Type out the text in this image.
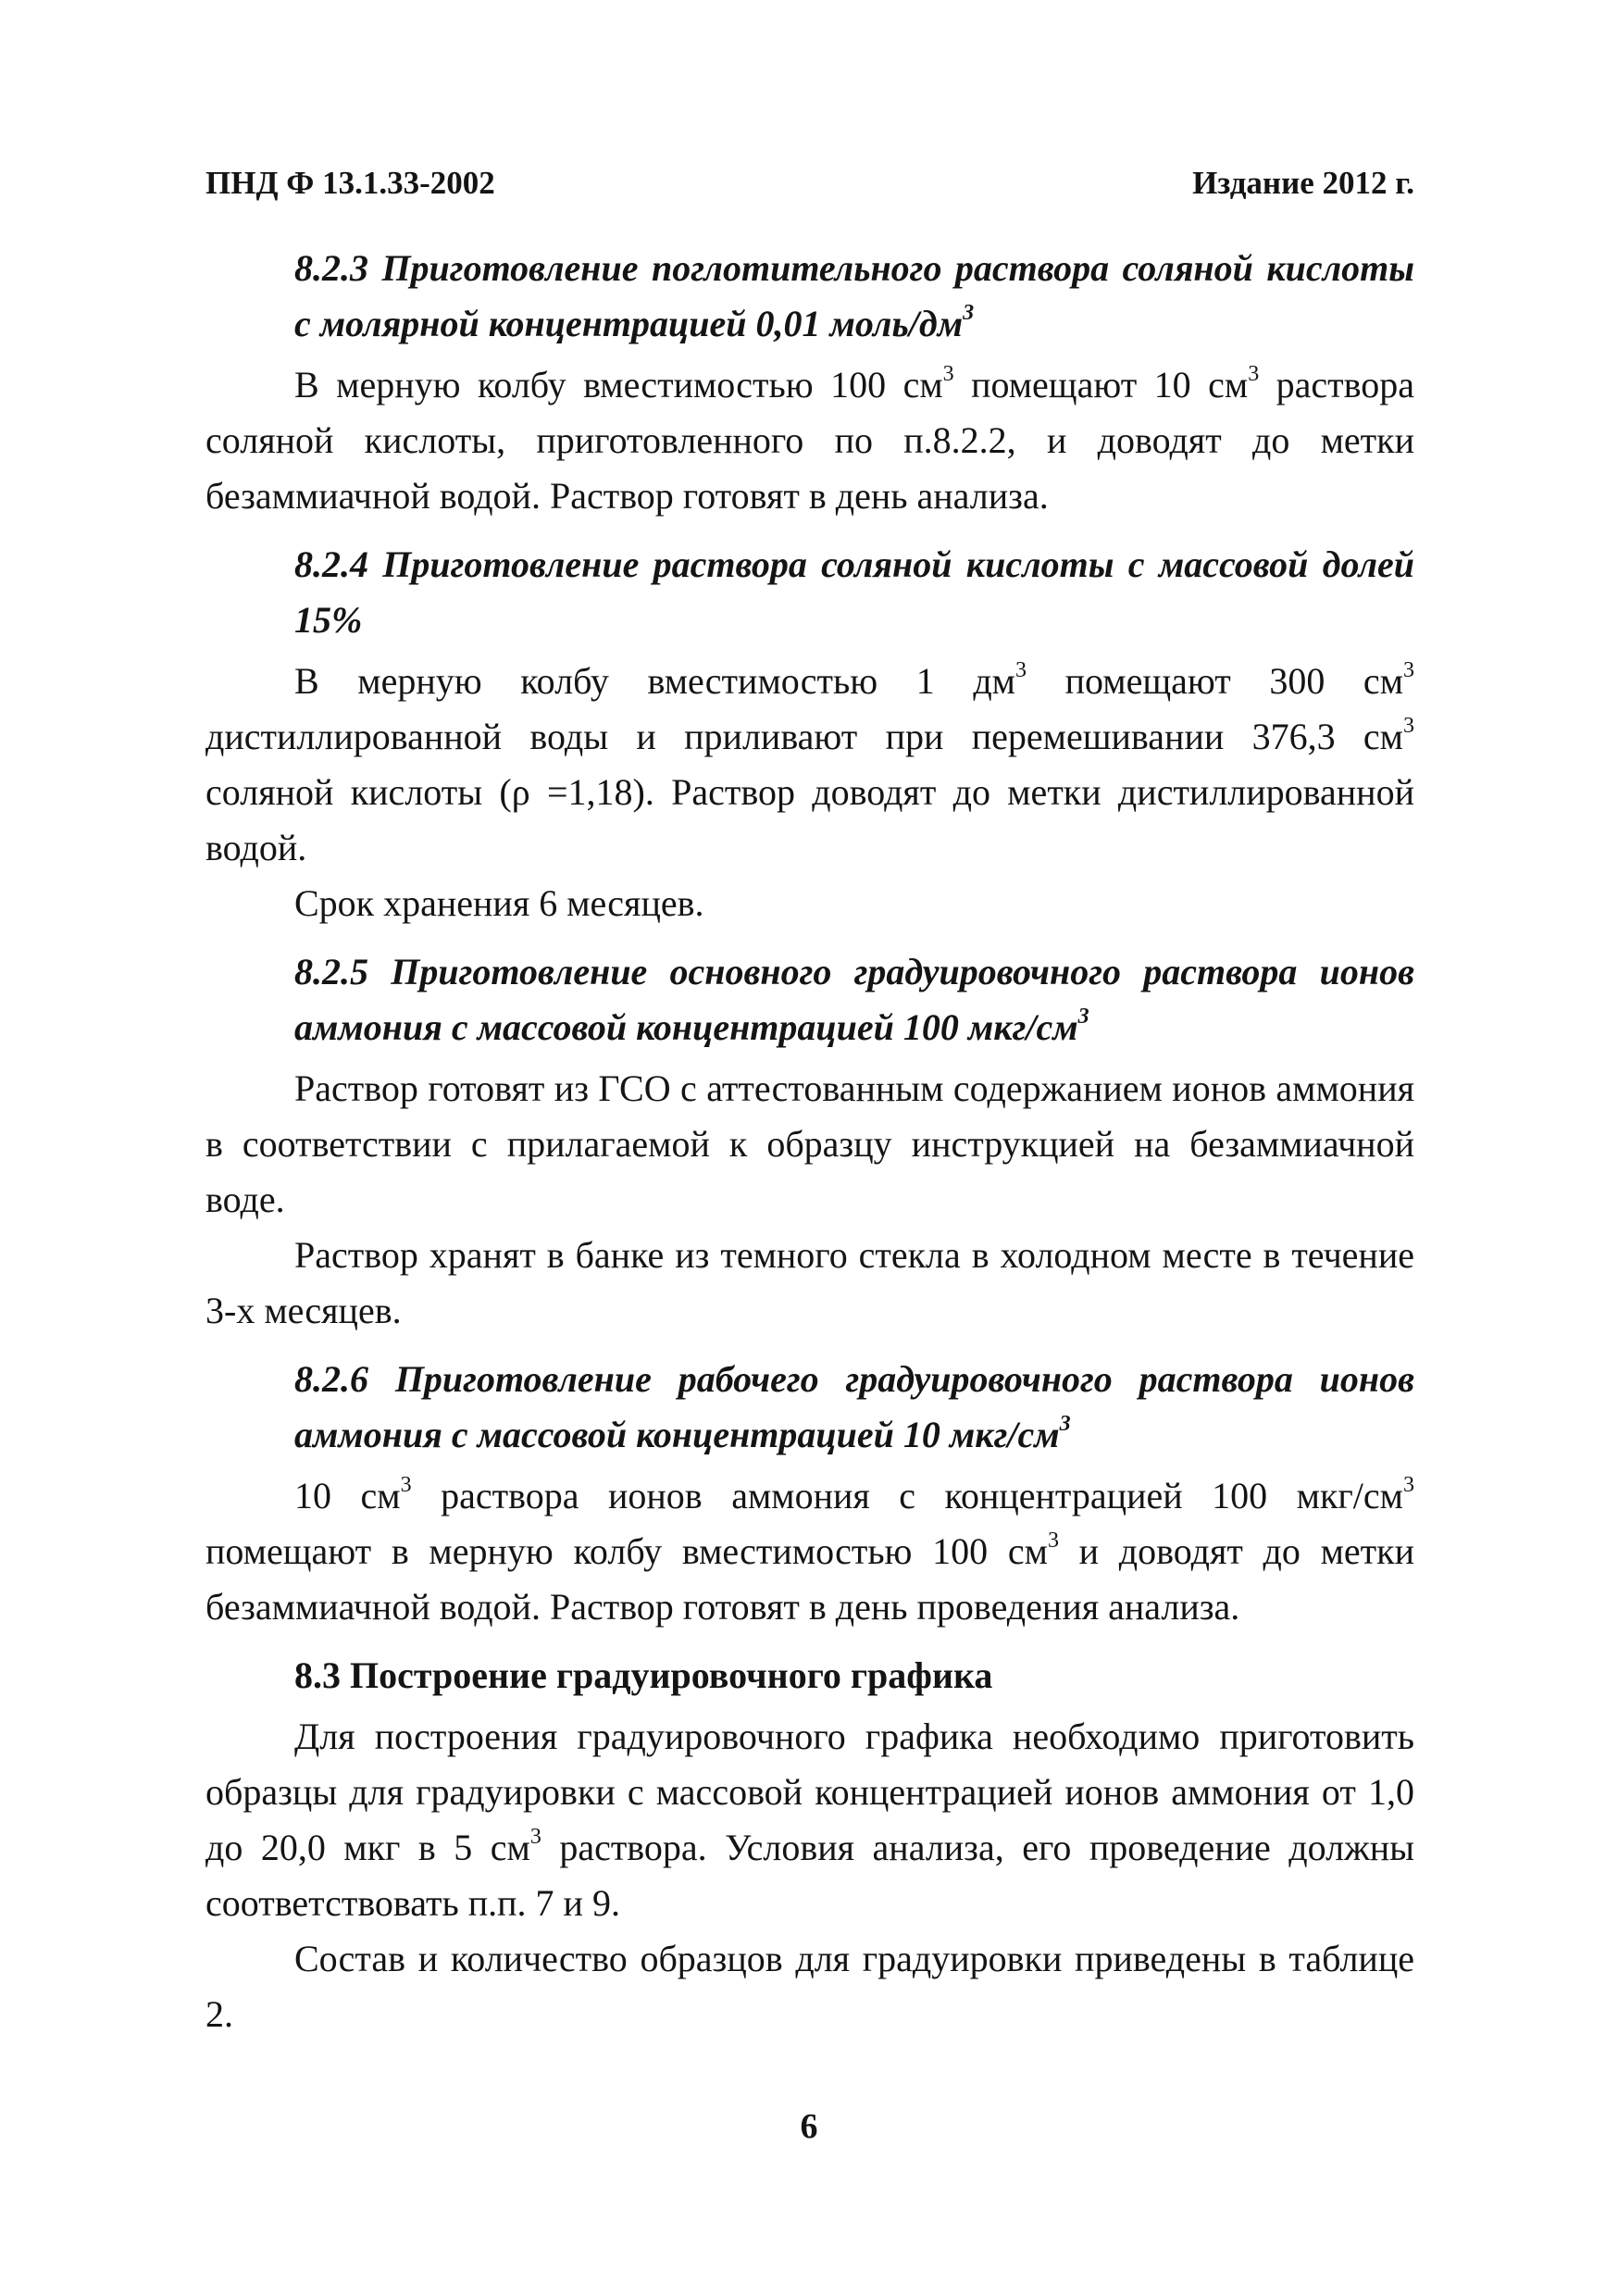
ПНД Ф 13.1.33-2002	Издание 2012 г.

8.2.3 Приготовление поглотительного раствора соляной кислоты с молярной концентрацией 0,01 моль/$дм^3$

В мерную колбу вместимостью 100 $см^3$ помещают 10 $см^3$ раствора соляной кислоты, приготовленного по п.8.2.2, и доводят до метки безаммиачной водой. Раствор готовят в день анализа.

8.2.4 Приготовление раствора соляной кислоты с массовой долей 15%

В мерную колбу вместимостью 1 $дм^3$ помещают 300 $см^3$ дистиллированной воды и приливают при перемешивании 376,3 $см^3$ соляной кислоты (ρ =1,18). Раствор доводят до метки дистиллированной водой.

Срок хранения 6 месяцев.

8.2.5 Приготовление основного градуировочного раствора ионов аммония с массовой концентрацией 100 мкг/$см^3$

Раствор готовят из ГСО с аттестованным содержанием ионов аммония в соответствии с прилагаемой к образцу инструкцией на безаммиачной воде.

Раствор хранят в банке из темного стекла в холодном месте в течение 3-х месяцев.

8.2.6 Приготовление рабочего градуировочного раствора ионов аммония с массовой концентрацией 10 мкг/$см^3$

10 $см^3$ раствора ионов аммония с концентрацией 100 мкг/$см^3$ помещают в мерную колбу вместимостью 100 $см^3$ и доводят до метки безаммиачной водой. Раствор готовят в день проведения анализа.

8.3 Построение градуировочного графика

Для построения градуировочного графика необходимо приготовить образцы для градуировки с массовой концентрацией ионов аммония от 1,0 до 20,0 мкг в 5 $см^3$ раствора. Условия анализа, его проведение должны соответствовать п.п. 7 и 9.

Состав и количество образцов для градуировки приведены в таблице 2.

6
